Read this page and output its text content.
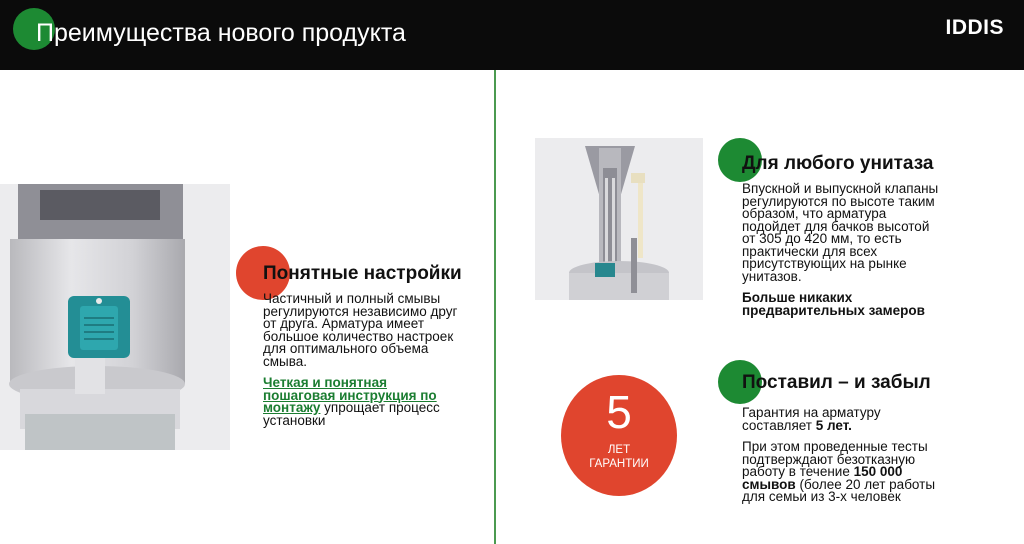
Преимущества нового продукта	IDDIS
Понятные настройки

Частичный и полный смывы
регулируются независимо друг
от друга. Арматура имеет
большое количество настроек
для оптимального объема
смыва.

Четкая и понятная
пошаговая инструкция по
монтажу упрощает процесс
установки

Для любого унитаза

Впускной и выпускной клапаны
регулируются по высоте таким
образом, что арматура
подойдет для бачков высотой
от 305 до 420 мм, то есть
практически для всех
присутствующих на рынке
унитазов.

Больше никаких
предварительных замеров

5
ЛЕТ
ГАРАНТИИ
Поставил – и забыл

Гарантия на арматуру
составляет 5 лет.

При этом проведенные тесты
подтверждают безотказную
работу в течение 150 000
смывов (более 20 лет работы
для семьи из 3-х человек
